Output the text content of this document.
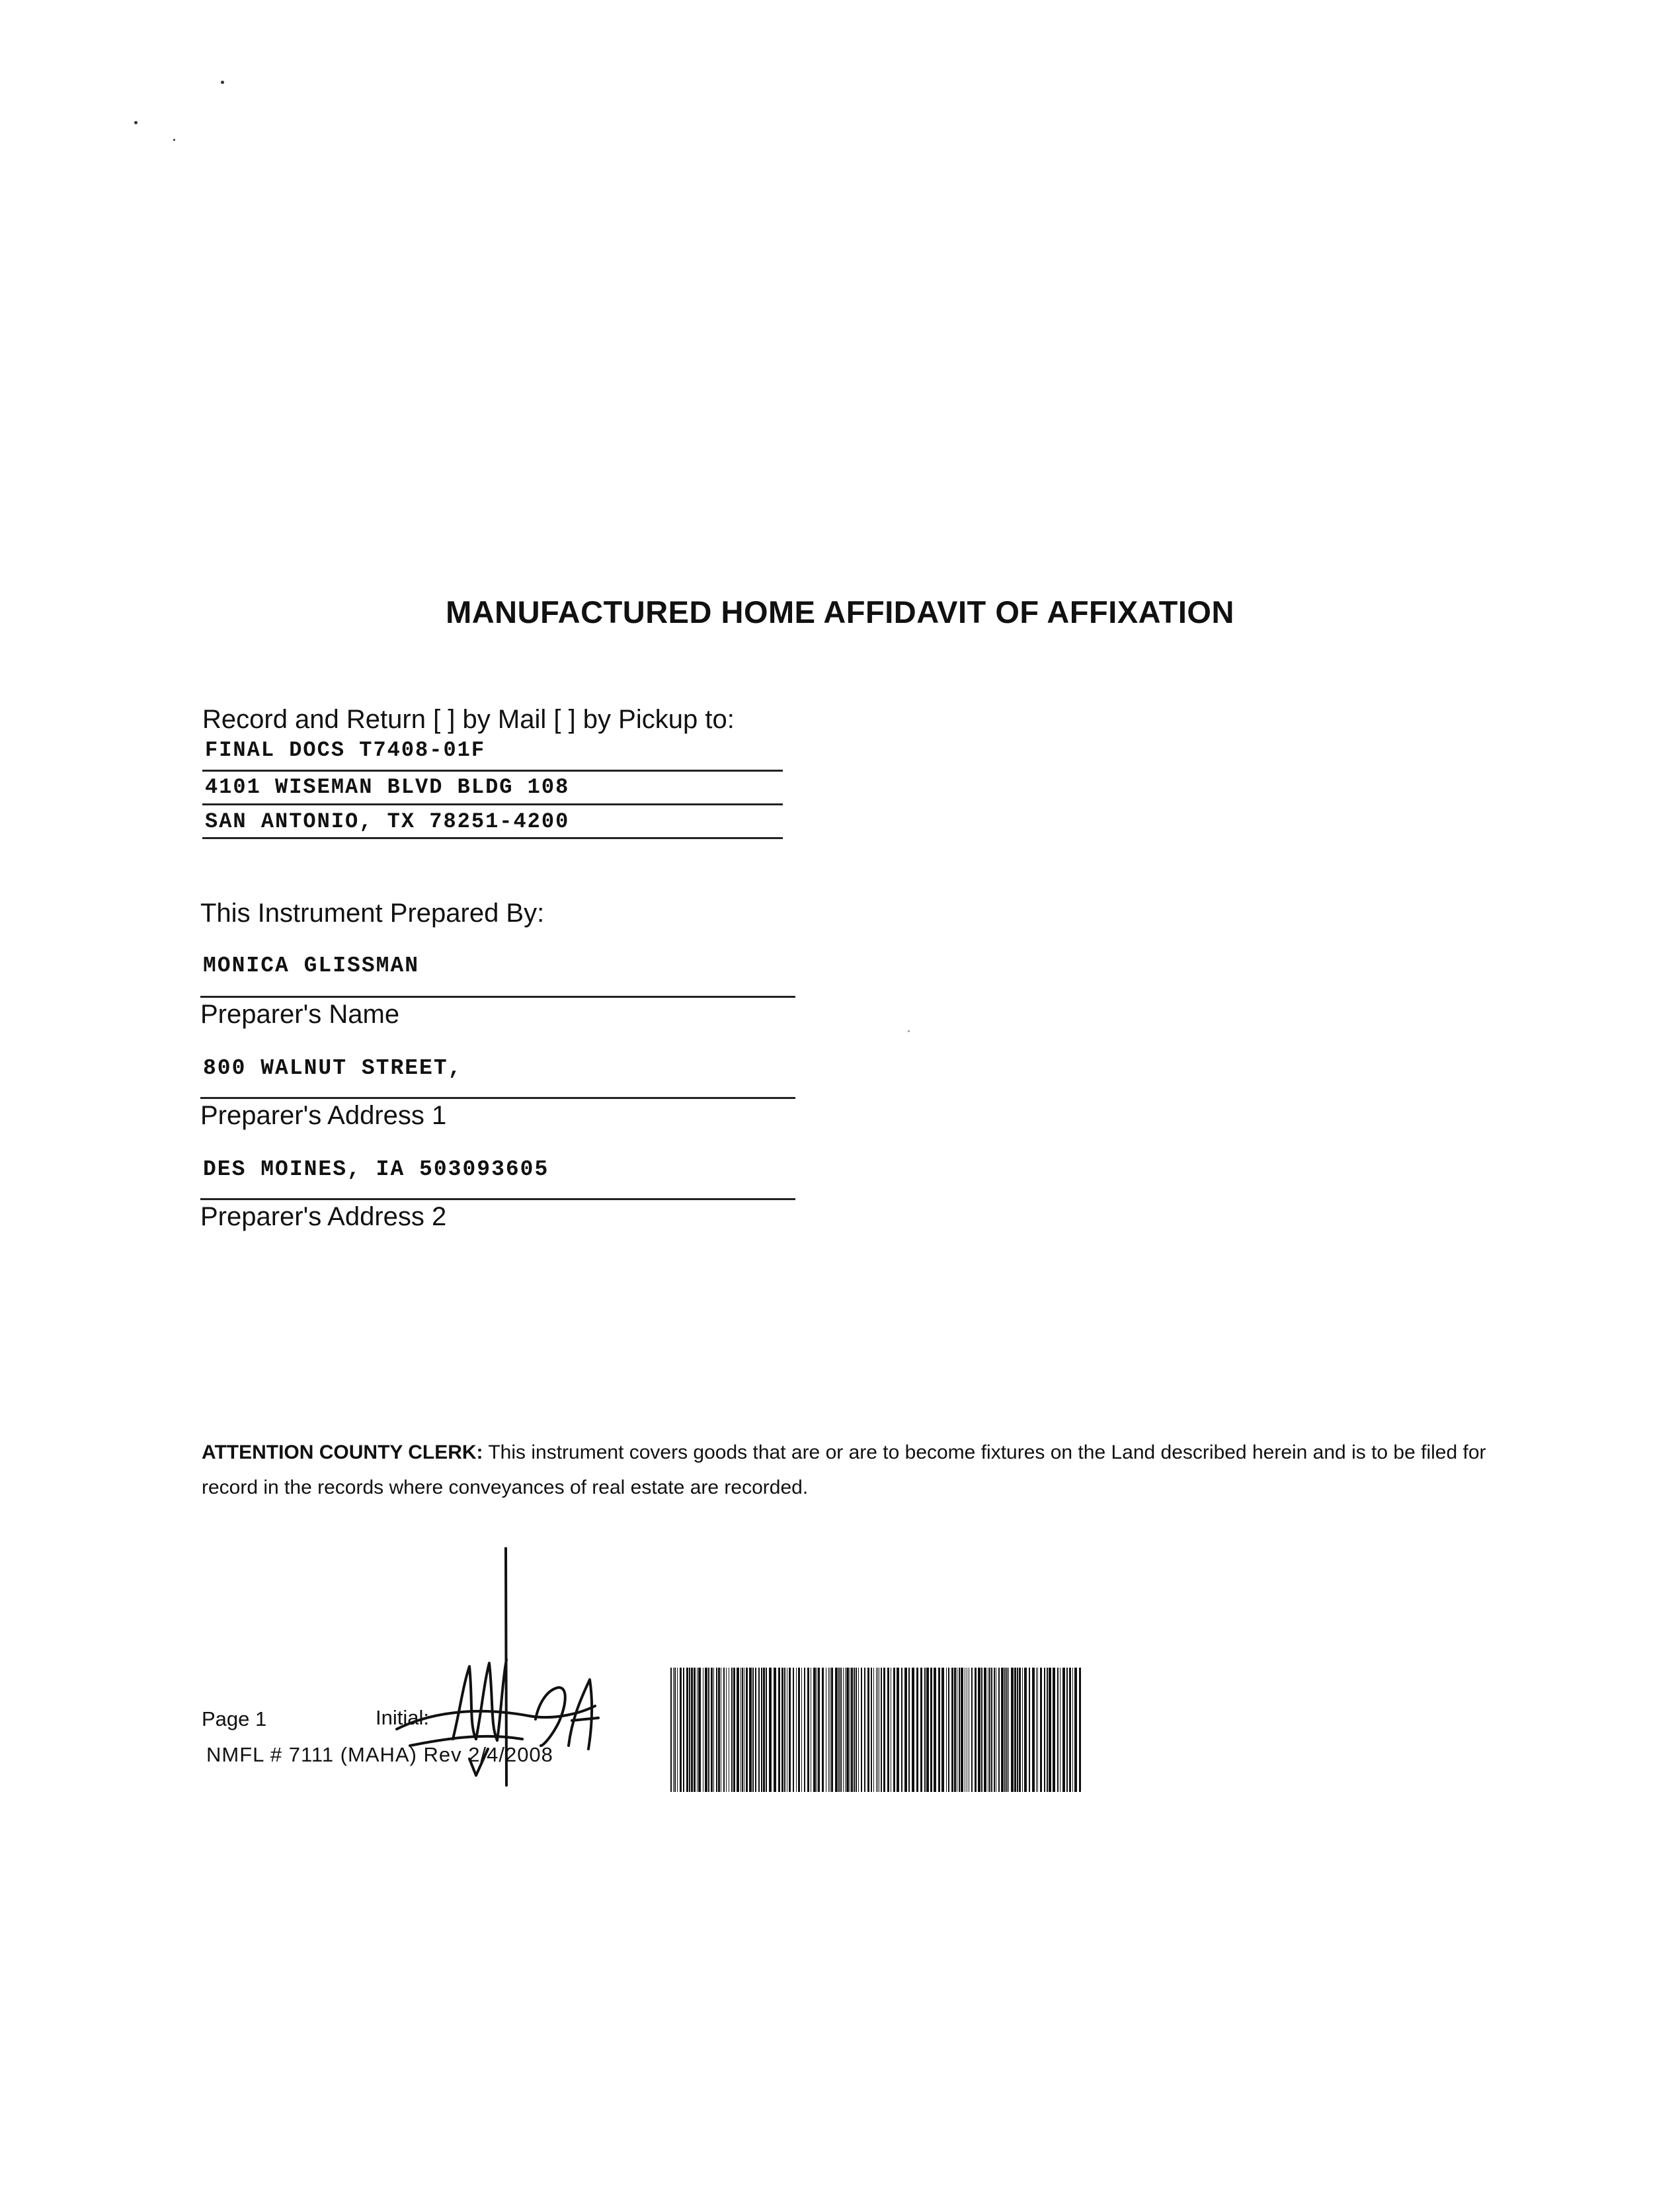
MANUFACTURED HOME AFFIDAVIT OF AFFIXATION
Record and Return [ ] by Mail [ ] by Pickup to:
FINAL DOCS T7408-01F
4101 WISEMAN BLVD BLDG 108
SAN ANTONIO, TX 78251-4200
This Instrument Prepared By:
MONICA GLISSMAN
Preparer's Name
800 WALNUT STREET,
Preparer's Address 1
DES MOINES, IA 503093605
Preparer's Address 2
ATTENTION COUNTY CLERK: This instrument covers goods that are or are to become fixtures on the Land described herein and is to be filed for record in the records where conveyances of real estate are recorded.
Page 1	Initial:
NMFL # 7111 (MAHA) Rev 2/4/2008
